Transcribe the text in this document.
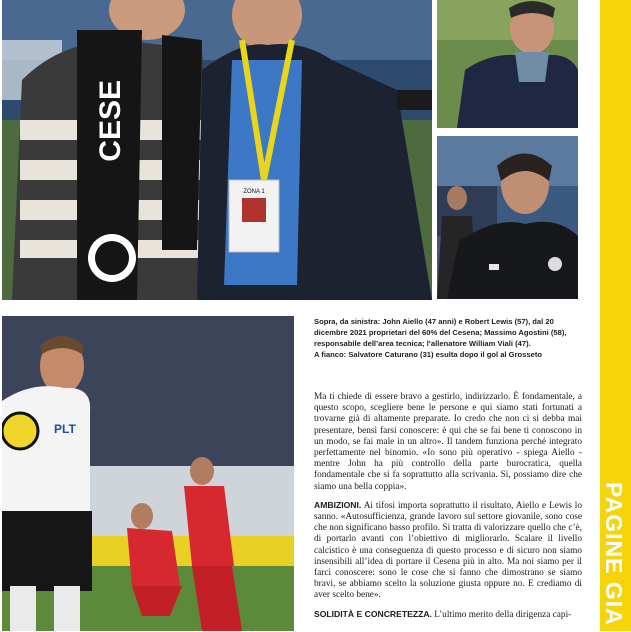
CESE
ZONA 1
PLT
Sopra, da sinistra: John Aiello (47 anni) e Robert Lewis (57), dal 20
dicembre 2021 proprietari del 60% del Cesena; Massimo Agostini (58),
responsabile dell’area tecnica; l’allenatore William Viali (47).
A fianco: Salvatore Caturano (31) esulta dopo il gol al Grosseto

Ma ti chiede di essere bravo a gestirlo, indirizzarlo. È fondamentale, a questo scopo, scegliere bene le persone e qui siamo stati fortunati a trovarne già di altamente preparate. Io credo che non ci si debba mai presentare, bensì farsi conoscere: è qui che se fai bene ti conoscono in un modo, se fai male in un altro». Il tandem funziona perché integrato perfettamente nel binomio. «Io sono più operativo - spiega Aiello - mentre John ha più controllo della parte burocratica, quella fondamentale che si fa soprattutto alla scrivania. Sì, possiamo dire che siamo una bella coppia».

AMBIZIONI. Ai tifosi importa soprattutto il risultato, Aiello e Lewis lo sanno. «Autosufficienza, grande lavoro sul settore giovanile, sono cose che non significano basso profilo. Si tratta di valorizzare quello che c’è, di portarlo avanti con l’obiettivo di migliorarlo. Scalare il livello calcistico è una conseguenza di questo processo e di sicuro non siamo insensibili all’idea di portare il Cesena più in alto. Ma noi siamo per il farci conoscere: sono le cose che si fanno che dimostrano se siamo bravi, se abbiamo scelto la soluzione giusta oppure no. E crediamo di aver scelto bene».

SOLIDITÀ E CONCRETEZZA. L’ultimo merito della dirigenza capi-	PAGINE GIA
